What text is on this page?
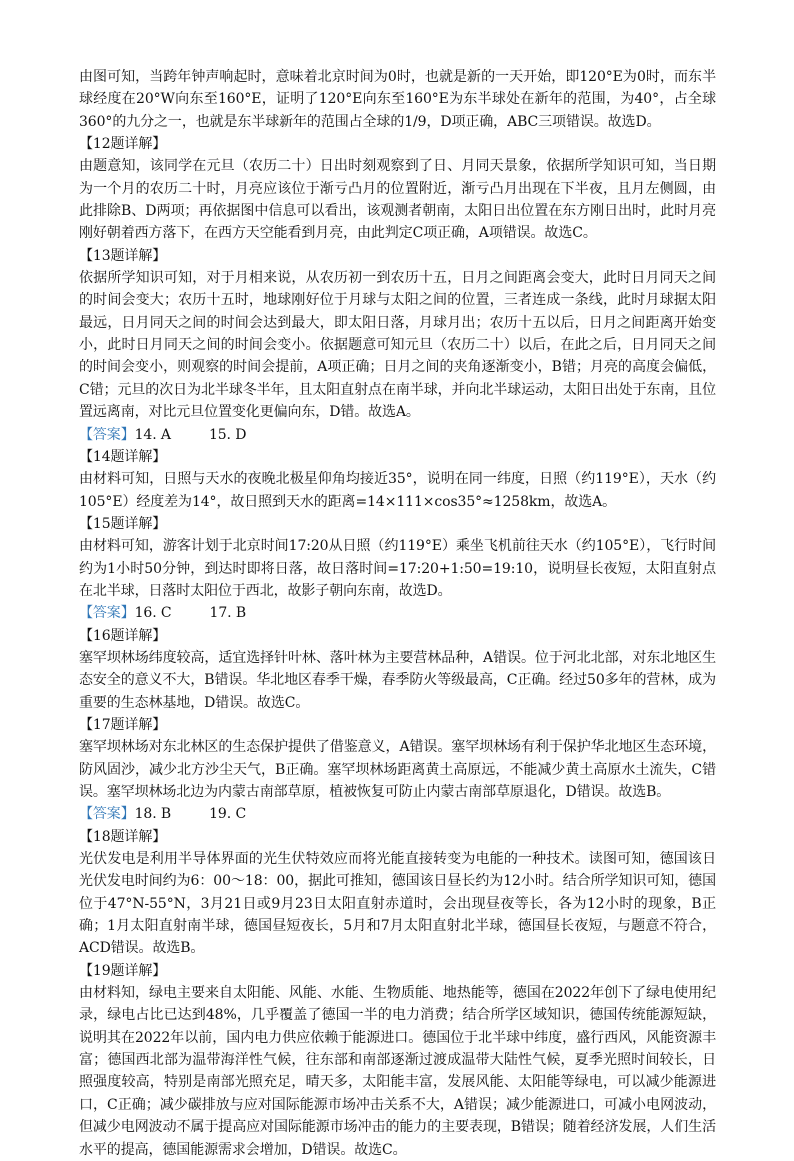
由图可知，当跨年钟声响起时，意味着北京时间为0时，也就是新的一天开始，即120°E为0时，而东半球经度在20°W向东至160°E，证明了120°E向东至160°E为东半球处在新年的范围，为40°，占全球360°的九分之一，也就是东半球新年的范围占全球的1/9，D项正确，ABC三项错误。故选D。

【12题详解】

由题意知，该同学在元旦（农历二十）日出时刻观察到了日、月同天景象，依据所学知识可知，当日期为一个月的农历二十时，月亮应该位于渐亏凸月的位置附近，渐亏凸月出现在下半夜，且月左侧圆，由此排除B、D两项；再依据图中信息可以看出，该观测者朝南，太阳日出位置在东方刚日出时，此时月亮刚好朝着西方落下，在西方天空能看到月亮，由此判定C项正确，A项错误。故选C。

【13题详解】

依据所学知识可知，对于月相来说，从农历初一到农历十五，日月之间距离会变大，此时日月同天之间的时间会变大；农历十五时，地球刚好位于月球与太阳之间的位置，三者连成一条线，此时月球据太阳最远，日月同天之间的时间会达到最大，即太阳日落，月球月出；农历十五以后，日月之间距离开始变小，此时日月同天之间的时间会变小。依据题意可知元旦（农历二十）以后，在此之后，日月同天之间的时间会变小，则观察的时间会提前，A项正确；日月之间的夹角逐渐变小，B错；月亮的高度会偏低，C错；元旦的次日为北半球冬半年，且太阳直射点在南半球，并向北半球运动，太阳日出处于东南，且位置远离南，对比元旦位置变化更偏向东，D错。故选A。

【答案】14. A	15. D

【14题详解】

由材料可知，日照与天水的夜晚北极星仰角均接近35°，说明在同一纬度，日照（约119°E），天水（约105°E）经度差为14°，故日照到天水的距离=14×111×cos35°≈1258km，故选A。

【15题详解】

由材料可知，游客计划于北京时间17:20从日照（约119°E）乘坐飞机前往天水（约105°E），飞行时间约为1小时50分钟，到达时即将日落，故日落时间=17:20+1:50=19:10，说明昼长夜短，太阳直射点在北半球，日落时太阳位于西北，故影子朝向东南，故选D。

【答案】16. C	17. B

【16题详解】

塞罕坝林场纬度较高，适宜选择针叶林、落叶林为主要营林品种，A错误。位于河北北部，对东北地区生态安全的意义不大，B错误。华北地区春季干燥，春季防火等级最高，C正确。经过50多年的营林，成为重要的生态林基地，D错误。故选C。

【17题详解】

塞罕坝林场对东北林区的生态保护提供了借鉴意义，A错误。塞罕坝林场有利于保护华北地区生态环境，防风固沙，减少北方沙尘天气，B正确。塞罕坝林场距离黄土高原远，不能减少黄土高原水土流失，C错误。塞罕坝林场北边为内蒙古南部草原，植被恢复可防止内蒙古南部草原退化，D错误。故选B。

【答案】18. B	19. C

【18题详解】

光伏发电是利用半导体界面的光生伏特效应而将光能直接转变为电能的一种技术。读图可知，德国该日光伏发电时间约为6：00～18：00，据此可推知，德国该日昼长约为12小时。结合所学知识可知，德国位于47°N-55°N，3月21日或9月23日太阳直射赤道时，会出现昼夜等长，各为12小时的现象，B正确；1月太阳直射南半球，德国昼短夜长，5月和7月太阳直射北半球，德国昼长夜短，与题意不符合，ACD错误。故选B。

【19题详解】

由材料知，绿电主要来自太阳能、风能、水能、生物质能、地热能等，德国在2022年创下了绿电使用纪录，绿电占比已达到48%，几乎覆盖了德国一半的电力消费；结合所学区域知识，德国传统能源短缺，说明其在2022年以前，国内电力供应依赖于能源进口。德国位于北半球中纬度，盛行西风，风能资源丰富；德国西北部为温带海洋性气候，往东部和南部逐渐过渡成温带大陆性气候，夏季光照时间较长，日照强度较高，特别是南部光照充足，晴天多，太阳能丰富，发展风能、太阳能等绿电，可以减少能源进口，C正确；减少碳排放与应对国际能源市场冲击关系不大，A错误；减少能源进口，可减小电网波动，但减少电网波动不属于提高应对国际能源市场冲击的能力的主要表现，B错误；随着经济发展，人们生活水平的提高，德国能源需求会增加，D错误。故选C。
